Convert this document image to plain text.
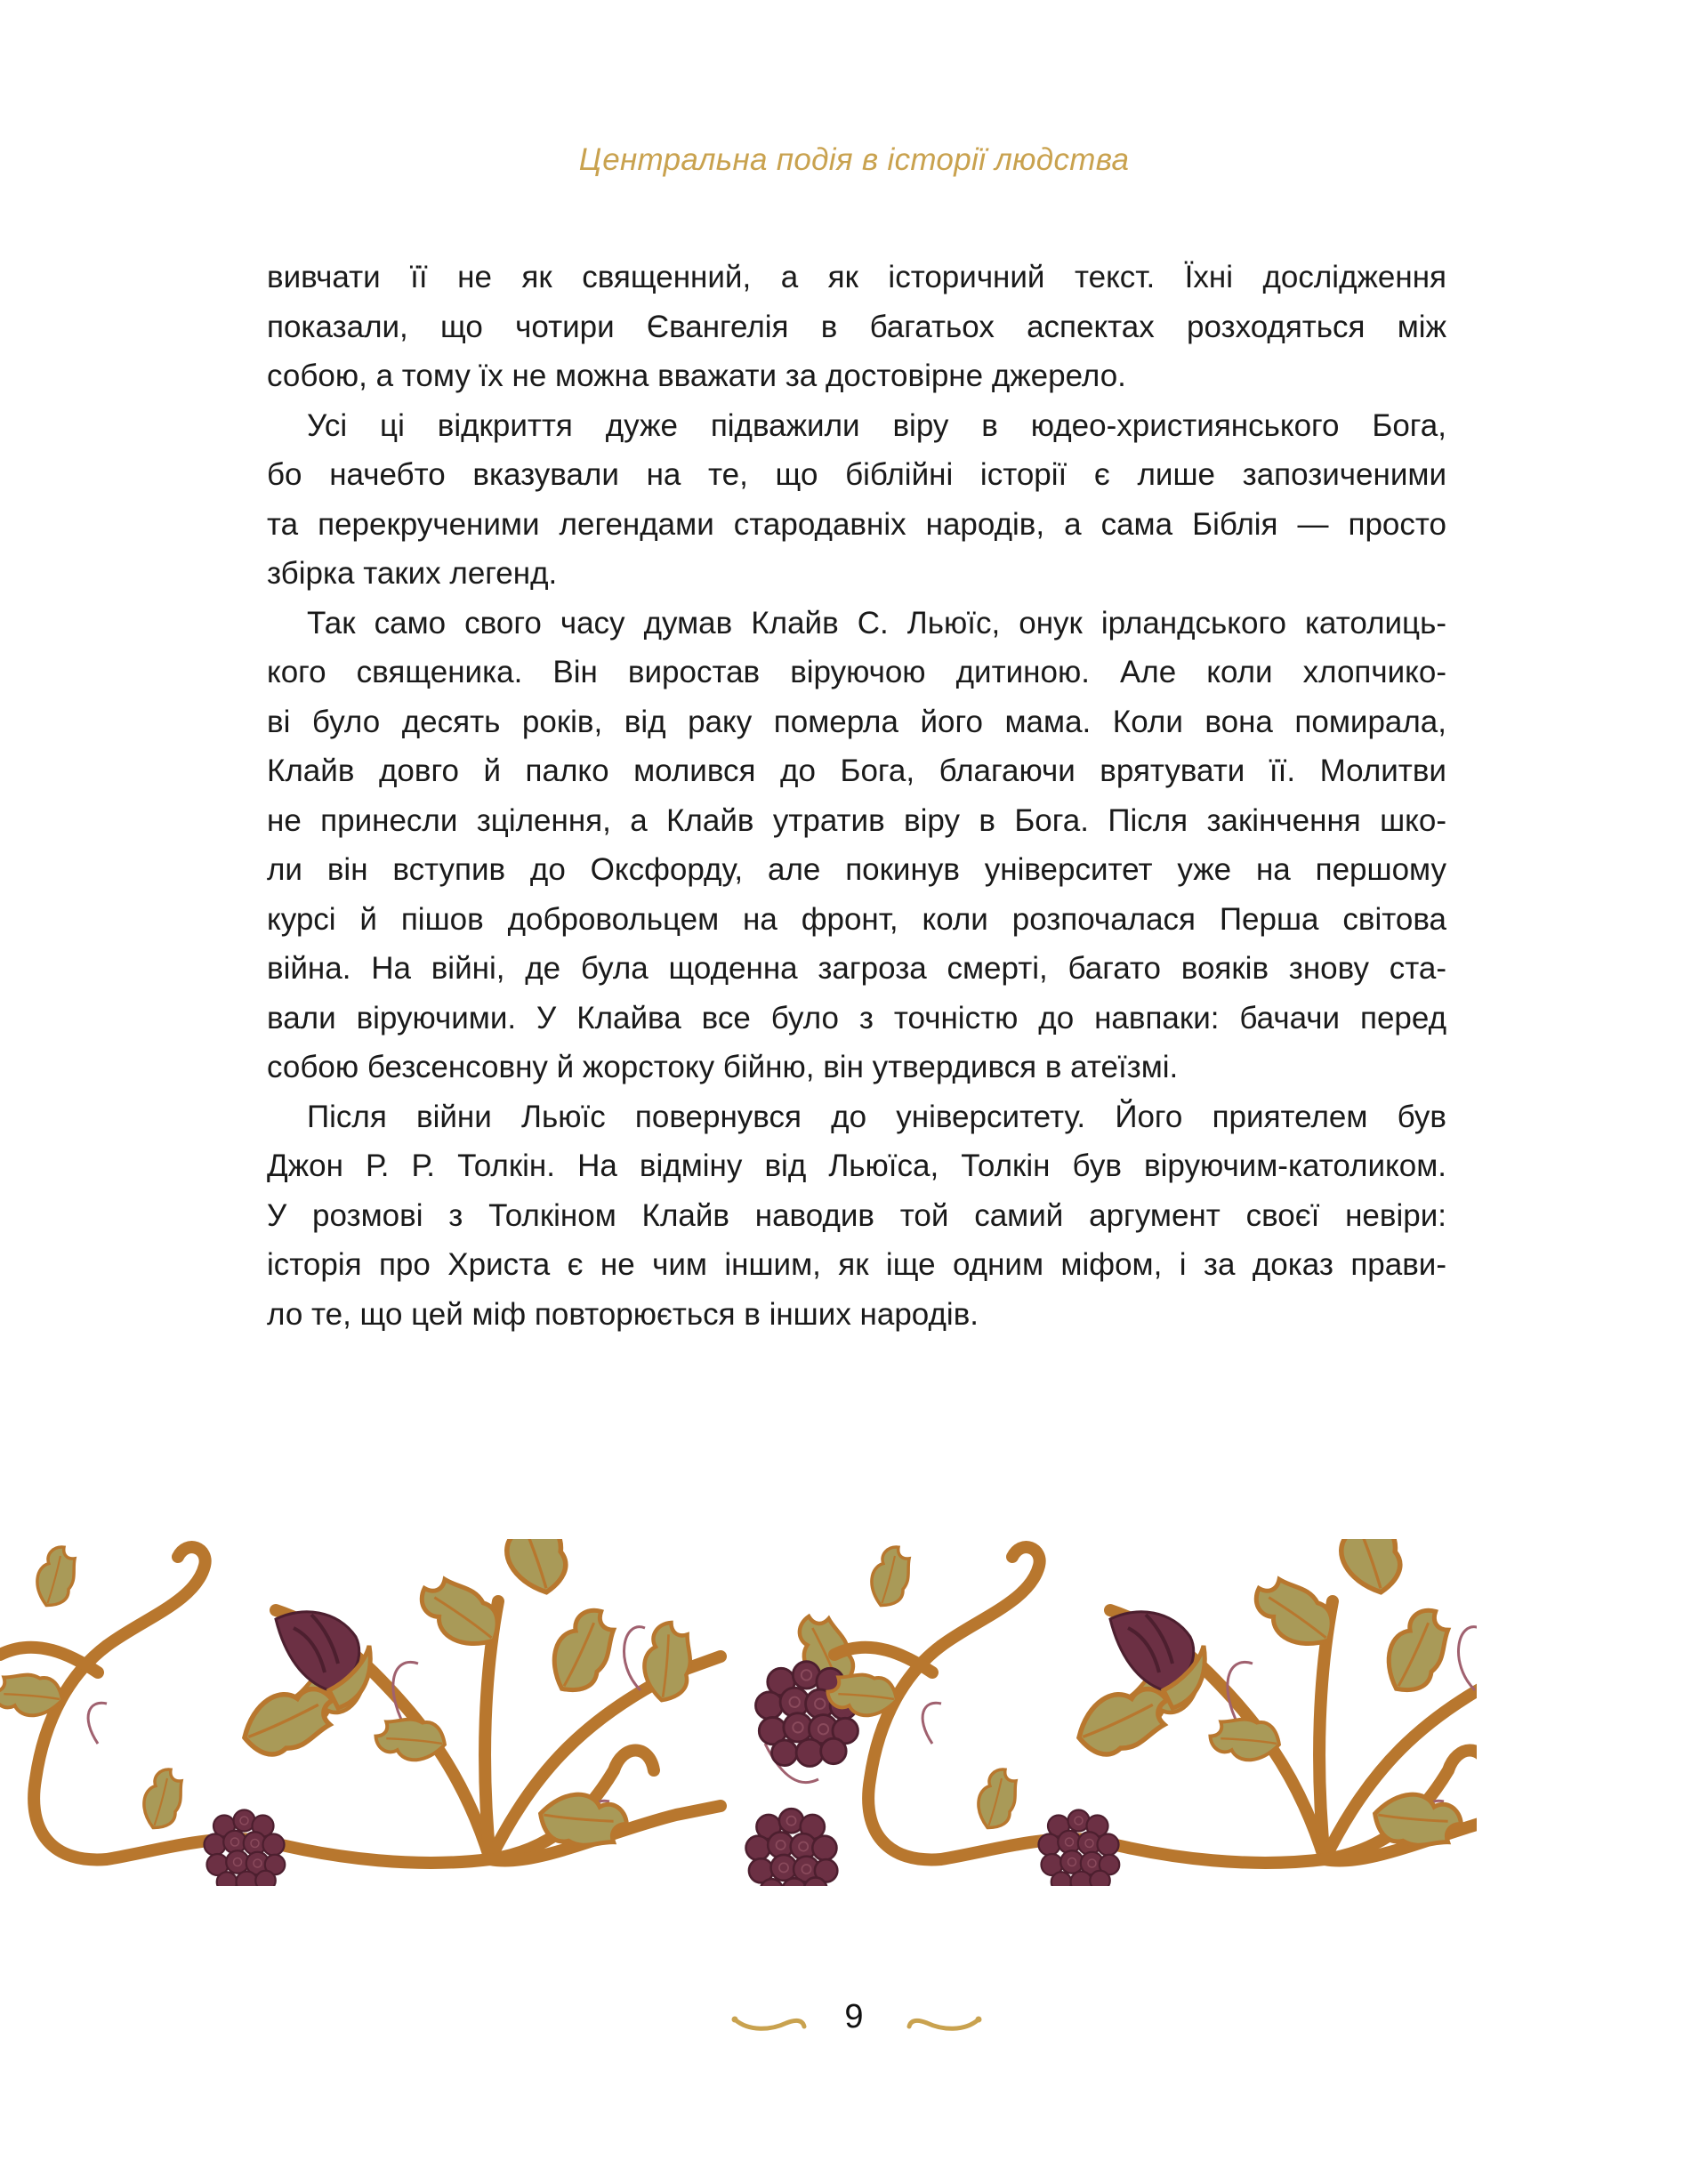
Центральна подія в історії людства
вивчати її не як священний, а як історичний текст. Їхні дослідження
показали, що чотири Євангелія в багатьох аспектах розходяться між
собою, а тому їх не можна вважати за достовірне джерело.
Усі ці відкриття дуже підважили віру в юдео-християнського Бога,
бо начебто вказували на те, що біблійні історії є лише запозиченими
та перекрученими легендами стародавніх народів, а сама Біблія — просто
збірка таких легенд.
Так само свого часу думав Клайв С. Льюїс, онук ірландського католиць-
кого священика. Він виростав віруючою дитиною. Але коли хлопчико-
ві було десять років, від раку померла його мама. Коли вона помирала,
Клайв довго й палко молився до Бога, благаючи врятувати її. Молитви
не принесли зцілення, а Клайв утратив віру в Бога. Після закінчення шко-
ли він вступив до Оксфорду, але покинув університет уже на першому
курсі й пішов добровольцем на фронт, коли розпочалася Перша світова
війна. На війні, де була щоденна загроза смерті, багато вояків знову ста-
вали віруючими. У Клайва все було з точністю до навпаки: бачачи перед
собою безсенсовну й жорстоку бійню, він утвердився в атеїзмі.
Після війни Льюїс повернувся до університету. Його приятелем був
Джон Р. Р. Толкін. На відміну від Льюїса, Толкін був віруючим-католиком.
У розмові з Толкіном Клайв наводив той самий аргумент своєї невіри:
історія про Христа є не чим іншим, як іще одним міфом, і за доказ прави-
ло те, що цей міф повторюється в інших народів.
9
